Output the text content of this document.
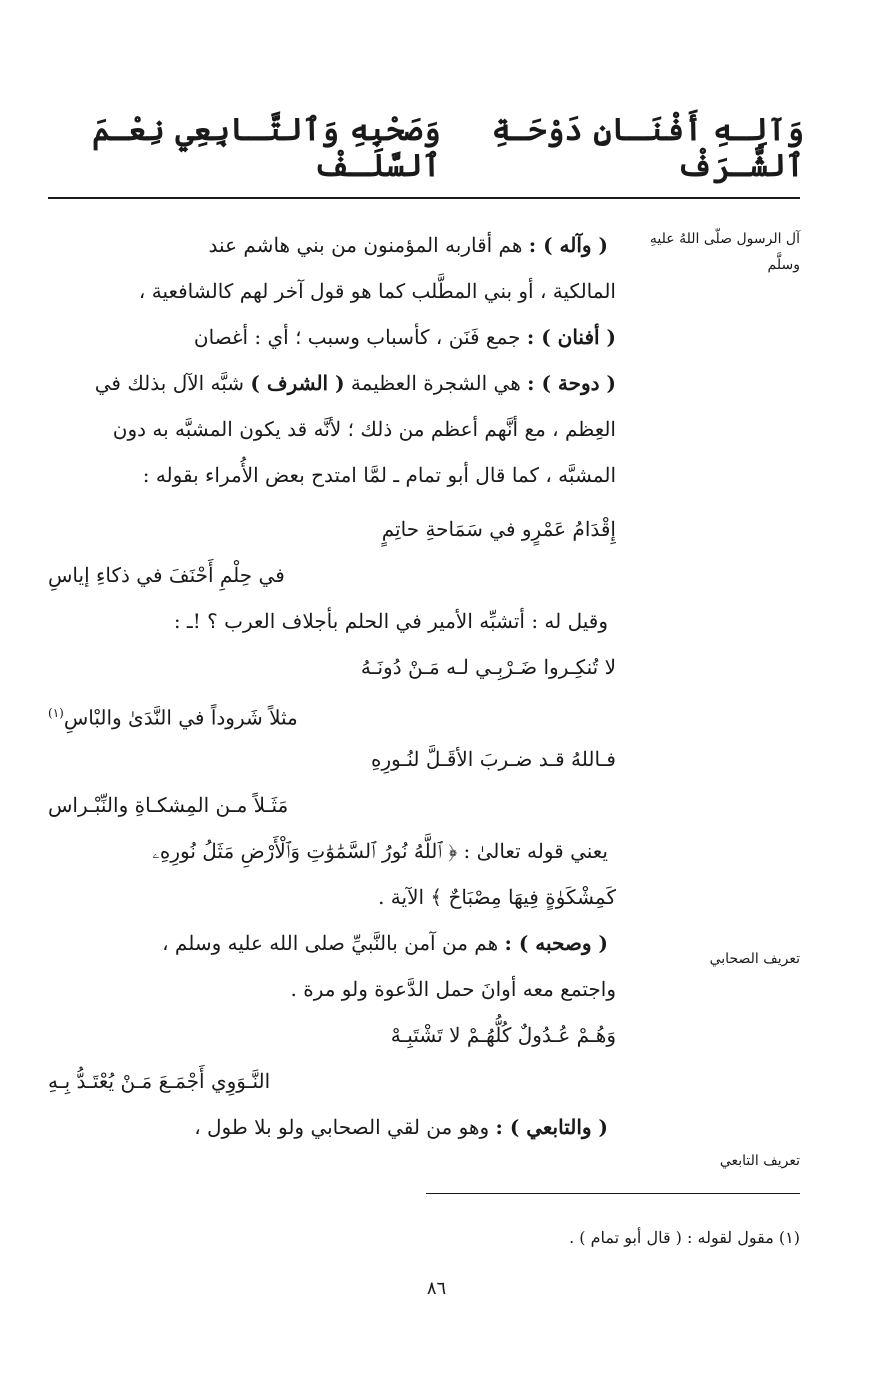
وَآلِـهِ أَفْنَـانِ دَوْحَـةِ ٱلشَّـرَفْ
وَصَحْبِهِ وَٱلتَّـابِعِي نِعْـمَ ٱلسَّلَـفْ
آل الرسول صلّى اللهُ عليهِ وسلَّم
تعريف الصحابي
تعريف التابعي
( وآله ) : هم أقاربه المؤمنون من بني هاشم عند
المالكية ، أو بني المطَّلب كما هو قول آخر لهم كالشافعية ،
( أفنان ) : جمع فَنَن ، كأسباب وسبب ؛ أي : أغصان
( دوحة ) : هي الشجرة العظيمة ( الشرف ) شبَّه الآل بذلك في
العِظم ، مع أنَّهم أعظم من ذلك ؛ لأنَّه قد يكون المشبَّه به دون
المشبَّه ، كما قال أبو تمام ـ لمَّا امتدح بعض الأُمراء بقوله :
إِقْدَامُ عَمْرٍو في سَمَاحةِ حاتِمٍ
في حِلْمِ أَحْنَفَ في ذكاءِ إياسِ
وقيل له : أتشبِّه الأمير في الحلم بأجلاف العرب ؟ !ـ :
لا تُنكِـروا ضَـرْبِـي لـه مَـنْ دُونَـهُ
مثلاً شَروداً في النَّدَىٰ والبْاسِ$^{(١)}$
فـاللهُ قـد ضـربَ الأقَـلَّ لنُـورِهِ
مَثَـلاً مـن المِشكـاةِ والنِّبْـراس
يعني قوله تعالىٰ : ﴿ ٱللَّهُ نُورُ ٱلسَّمَٰوَٰتِ وَٱلْأَرْضِ مَثَلُ نُورِهِۦ
كَمِشْكَوٰةٍ فِيهَا مِصْبَاحٌ ﴾ الآية .
( وصحبه ) : هم من آمن بالنَّبيِّ صلى الله عليه وسلم ،
واجتمع معه أوانَ حمل الدَّعوة ولو مرة .
وَهُـمْ عُـدُولٌ كُلُّهُـمْ لا تَشْتَبِـهْ
النَّـوَوِي أَجْمَـعَ مَـنْ يُعْتَـدُّ بِـهِ
( والتابعي ) : وهو من لقي الصحابي ولو بلا طول ،
(١) مقول لقوله : ( قال أبو تمام ) .
٨٦
